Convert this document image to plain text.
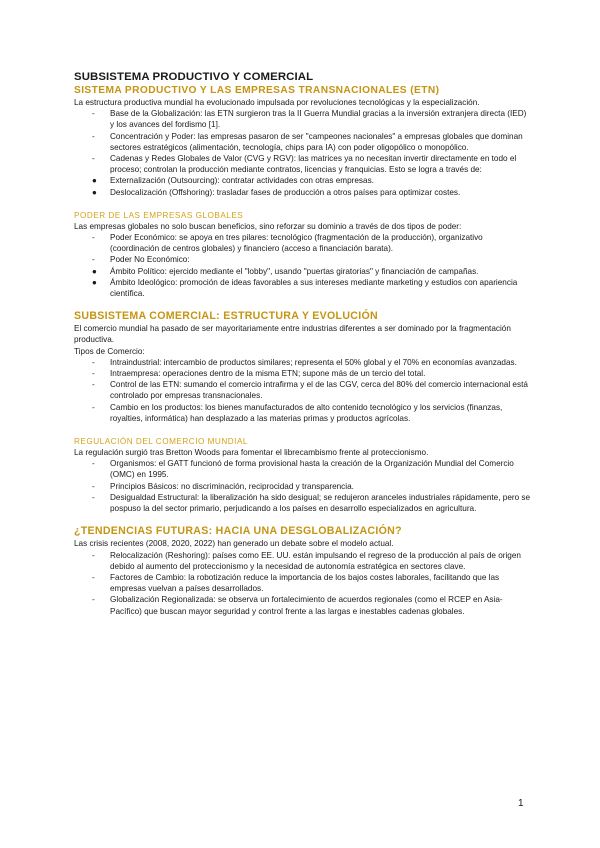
SUBSISTEMA PRODUCTIVO Y COMERCIAL
SISTEMA PRODUCTIVO Y LAS EMPRESAS TRANSNACIONALES (ETN)

La estructura productiva mundial ha evolucionado impulsada por revoluciones tecnológicas y la especialización.

- Base de la Globalización: las ETN surgieron tras la II Guerra Mundial gracias a la inversión extranjera directa (IED) y los avances del fordismo [1].
- Concentración y Poder: las empresas pasaron de ser "campeones nacionales" a empresas globales que dominan sectores estratégicos (alimentación, tecnología, chips para IA) con poder oligopólico o monopólico.
- Cadenas y Redes Globales de Valor (CVG y RGV): las matrices ya no necesitan invertir directamente en todo el proceso; controlan la producción mediante contratos, licencias y franquicias. Esto se logra a través de:
● Externalización (Outsourcing): contratar actividades con otras empresas.
● Deslocalización (Offshoring): trasladar fases de producción a otros países para optimizar costes.
PODER DE LAS EMPRESAS GLOBALES

Las empresas globales no solo buscan beneficios, sino reforzar su dominio a través de dos tipos de poder:

- Poder Económico: se apoya en tres pilares: tecnológico (fragmentación de la producción), organizativo (coordinación de centros globales) y financiero (acceso a financiación barata).
- Poder No Económico:
● Ámbito Político: ejercido mediante el "lobby", usando "puertas giratorias" y financiación de campañas.
● Ámbito Ideológico: promoción de ideas favorables a sus intereses mediante marketing y estudios con apariencia científica.
SUBSISTEMA COMERCIAL: ESTRUCTURA Y EVOLUCIÓN

El comercio mundial ha pasado de ser mayoritariamente entre industrias diferentes a ser dominado por la fragmentación productiva.

Tipos de Comercio:

- Intraindustrial: intercambio de productos similares; representa el 50% global y el 70% en economías avanzadas.
- Intraempresa: operaciones dentro de la misma ETN; supone más de un tercio del total.
- Control de las ETN: sumando el comercio intrafirma y el de las CGV, cerca del 80% del comercio internacional está controlado por empresas transnacionales.
- Cambio en los productos: los bienes manufacturados de alto contenido tecnológico y los servicios (finanzas, royalties, informática) han desplazado a las materias primas y productos agrícolas.
REGULACIÓN DEL COMERCIO MUNDIAL

La regulación surgió tras Bretton Woods para fomentar el librecambismo frente al proteccionismo.

- Organismos: el GATT funcionó de forma provisional hasta la creación de la Organización Mundial del Comercio (OMC) en 1995.
- Principios Básicos: no discriminación, reciprocidad y transparencia.
- Desigualdad Estructural: la liberalización ha sido desigual; se redujeron aranceles industriales rápidamente, pero se pospuso la del sector primario, perjudicando a los países en desarrollo especializados en agricultura.
¿TENDENCIAS FUTURAS: HACIA UNA DESGLOBALIZACIÓN?

Las crisis recientes (2008, 2020, 2022) han generado un debate sobre el modelo actual.

- Relocalización (Reshoring): países como EE. UU. están impulsando el regreso de la producción al país de origen debido al aumento del proteccionismo y la necesidad de autonomía estratégica en sectores clave.
- Factores de Cambio: la robotización reduce la importancia de los bajos costes laborales, facilitando que las empresas vuelvan a países desarrollados.
- Globalización Regionalizada: se observa un fortalecimiento de acuerdos regionales (como el RCEP en Asia-Pacífico) que buscan mayor seguridad y control frente a las largas e inestables cadenas globales.
1
